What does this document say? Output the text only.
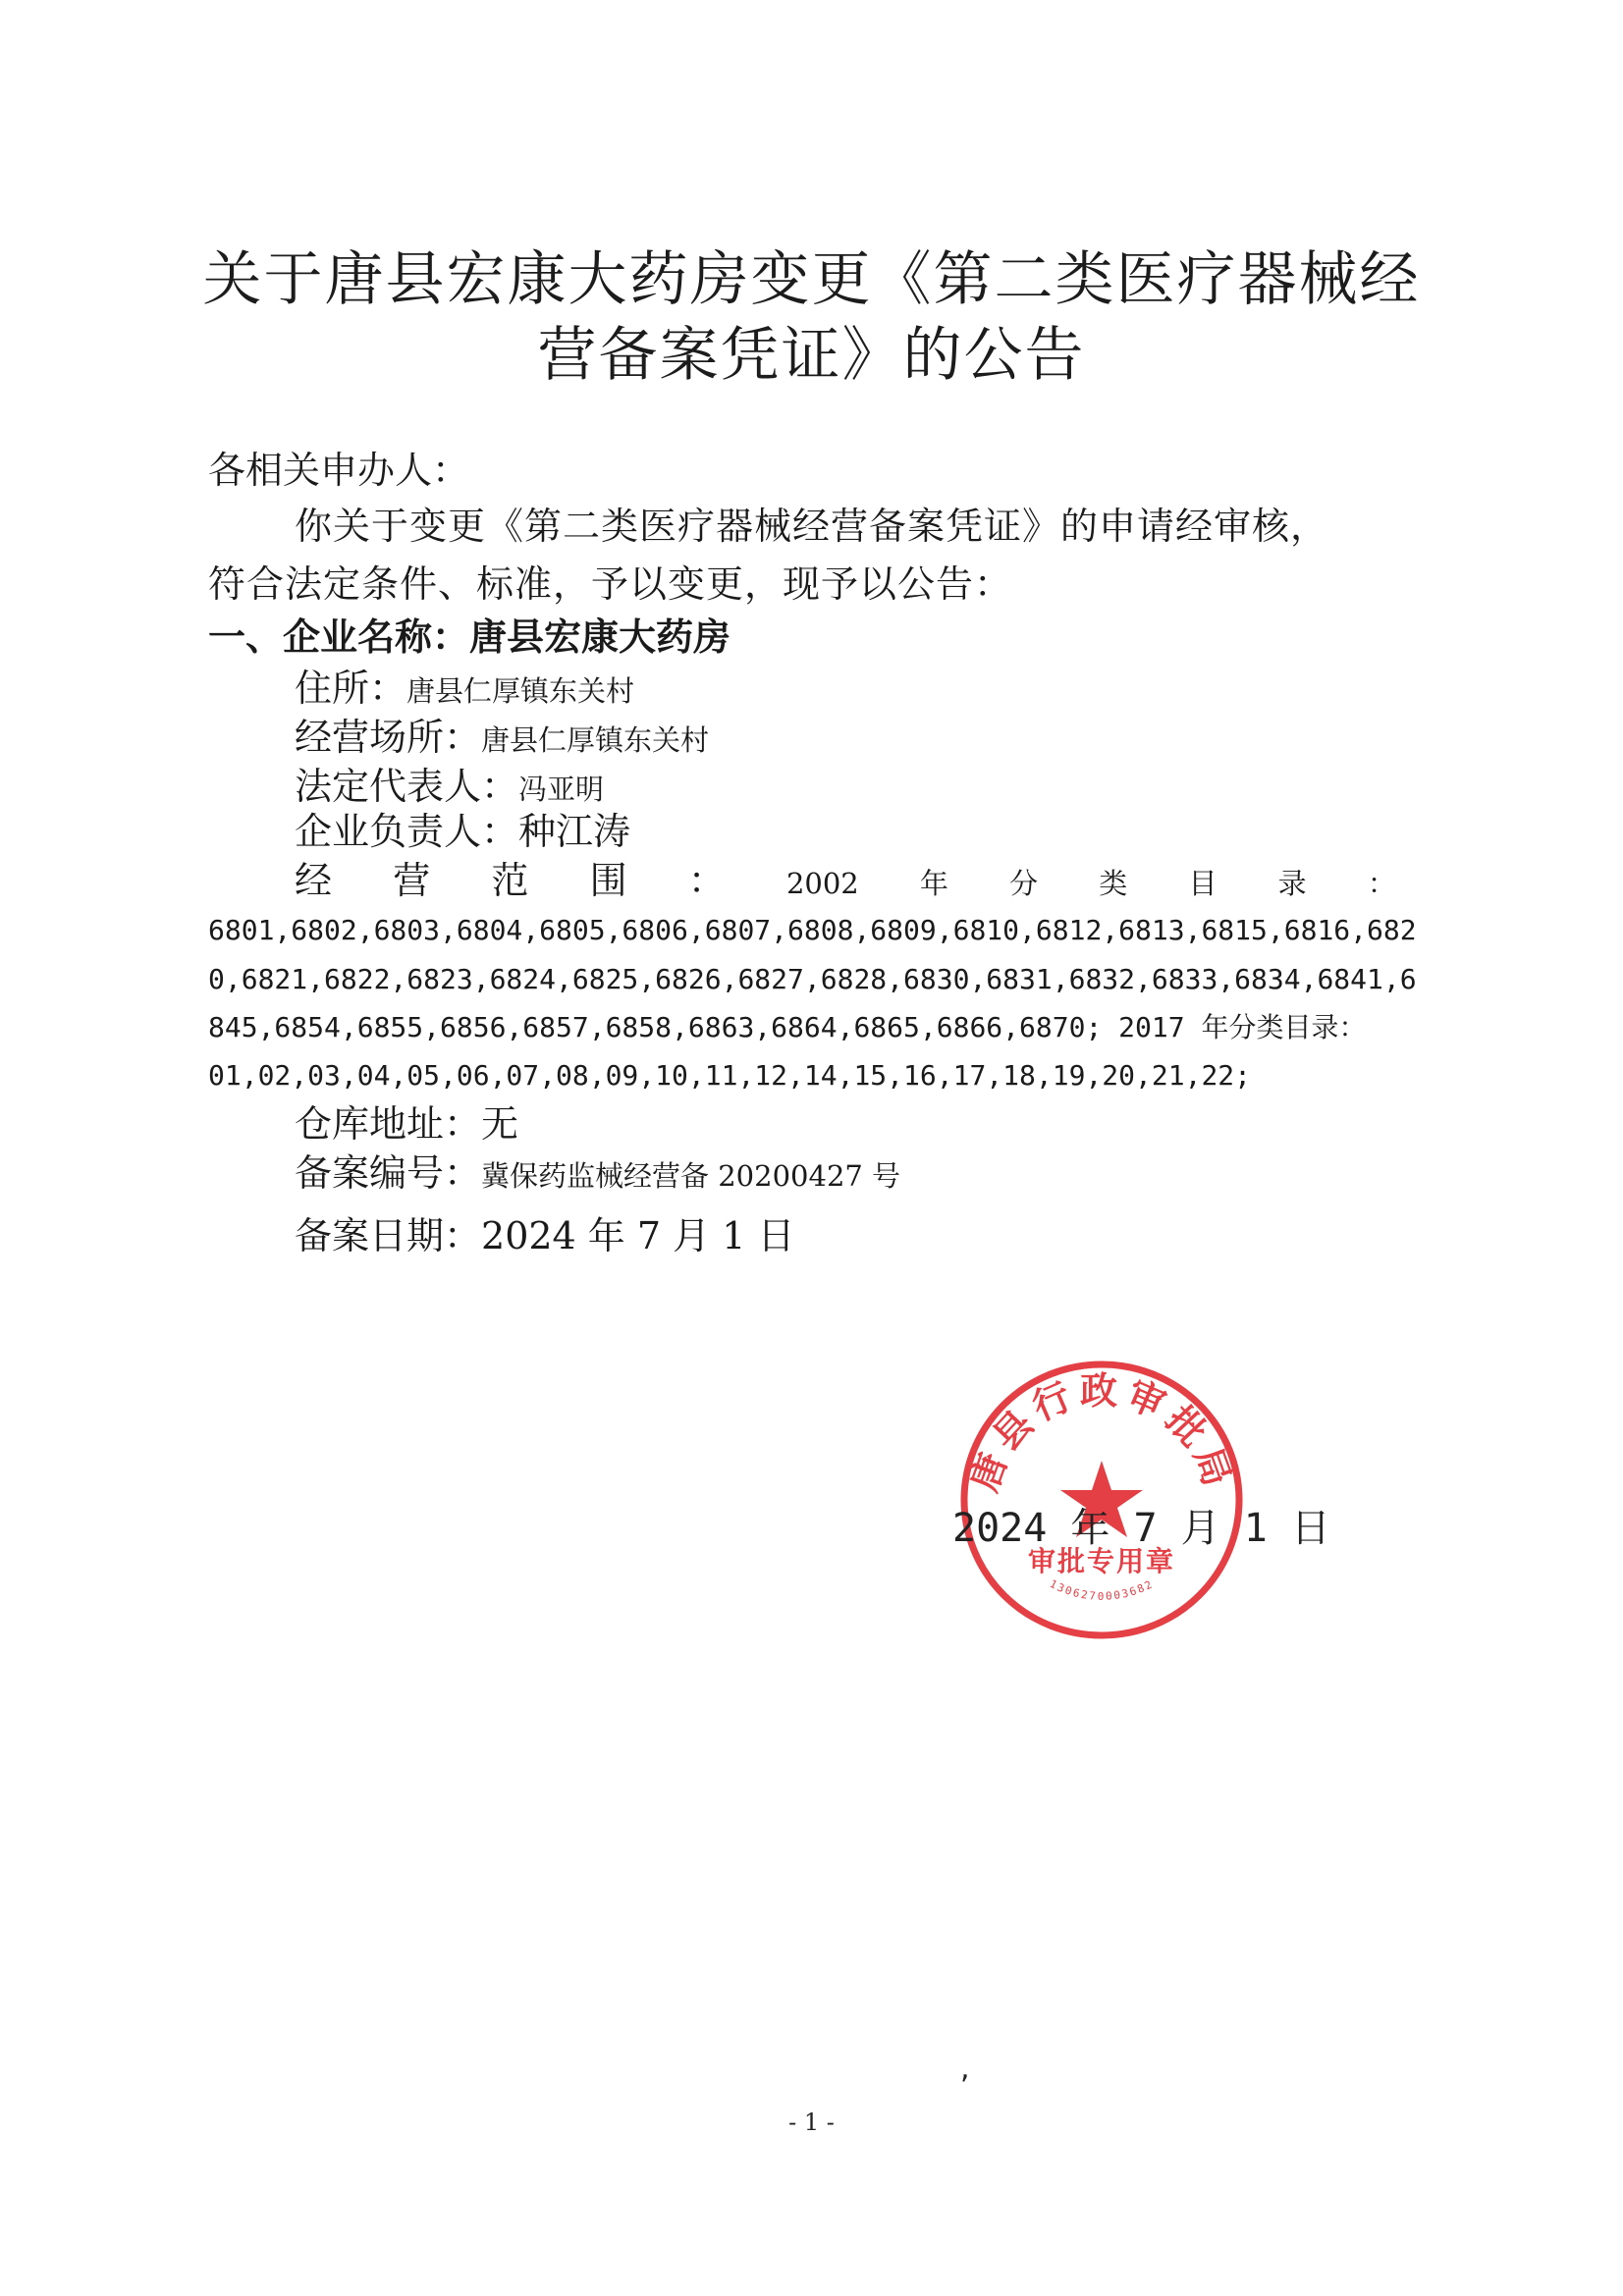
关于唐县宏康大药房变更《第二类医疗器械经
营备案凭证》的公告
各相关申办人：
你关于变更《第二类医疗器械经营备案凭证》的申请经审核，
符合法定条件、标准，予以变更，现予以公告：
一、企业名称：唐县宏康大药房
住所：唐县仁厚镇东关村
经营场所：唐县仁厚镇东关村
法定代表人：冯亚明
企业负责人：种江涛
经 营 范 围 ： 2002 年 分 类 目 录 ：
6801,6802,6803,6804,6805,6806,6807,6808,6809,6810,6812,6813,6815,6816,682
0,6821,6822,6823,6824,6825,6826,6827,6828,6830,6831,6832,6833,6834,6841,6
845,6854,6855,6856,6857,6858,6863,6864,6865,6866,6870; 2017 年分类目录：
01,02,03,04,05,06,07,08,09,10,11,12,14,15,16,17,18,19,20,21,22;
仓库地址：无
备案编号：冀保药监械经营备 20200427 号
备案日期：2024 年 7 月 1 日
唐县行政审批局
审批专用章
1306270003682
2024 年 7 月 1 日
,
- 1 -
